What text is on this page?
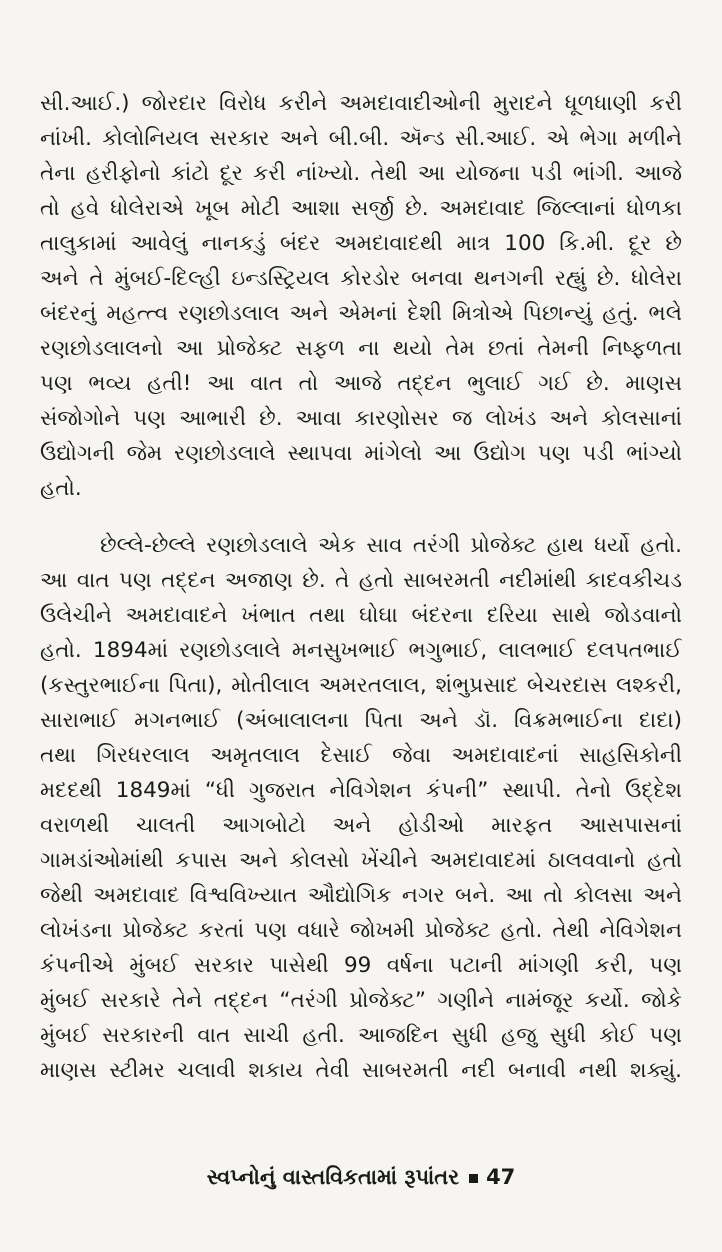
સી.આઈ.) જોરદાર વિરોધ કરીને અમદાવાદીઓની મુરાદને ધૂળધાણી કરી
નાંખી. કોલોનિયલ સરકાર અને બી.બી. ઍન્ડ સી.આઈ. એ ભેગા મળીને
તેના હરીફોનો કાંટો દૂર કરી નાંખ્યો. તેથી આ યોજના પડી ભાંગી. આજે
તો હવે ધોલેરાએ ખૂબ મોટી આશા સર્જી છે. અમદાવાદ જિલ્લાનાં ધોળકા
તાલુકામાં આવેલું નાનકડું બંદર અમદાવાદથી માત્ર 100 કિ.મી. દૂર છે
અને તે મુંબઈ-દિલ્હી ઇન્ડસ્ટ્રિયલ કોરડોર બનવા થનગની રહ્યું છે. ધોલેરા
બંદરનું મહત્ત્વ રણછોડલાલ અને એમનાં દેશી મિત્રોએ પિછાન્યું હતું. ભલે
રણછોડલાલનો આ પ્રોજેક્ટ સફળ ના થયો તેમ છતાં તેમની નિષ્ફળતા
પણ ભવ્ય હતી! આ વાત તો આજે તદ્દન ભુલાઈ ગઈ છે. માણસ
સંજોગોને પણ આભારી છે. આવા કારણોસર જ લોખંડ અને કોલસાનાં
ઉદ્યોગની જેમ રણછોડલાલે સ્થાપવા માંગેલો આ ઉદ્યોગ પણ પડી ભાંગ્યો
હતો.
છેલ્લે-છેલ્લે રણછોડલાલે એક સાવ તરંગી પ્રોજેક્ટ હાથ ધર્યો હતો.
આ વાત પણ તદ્દન અજાણ છે. તે હતો સાબરમતી નદીમાંથી કાદવકીચડ
ઉલેચીને અમદાવાદને ખંભાત તથા ઘોઘા બંદરના દરિયા સાથે જોડવાનો
હતો. 1894માં રણછોડલાલે મનસુખભાઈ ભગુભાઈ, લાલભાઈ દલપતભાઈ
(કસ્તુરભાઈના પિતા), મોતીલાલ અમરતલાલ, શંભુપ્રસાદ બેચરદાસ લશ્કરી,
સારાભાઈ મગનભાઈ (અંબાલાલના પિતા અને ડૉ. વિક્રમભાઈના દાદા)
તથા ગિરધરલાલ અમૃતલાલ દેસાઈ જેવા અમદાવાદનાં સાહસિકોની
મદદથી 1849માં “ધી ગુજરાત નેવિગેશન કંપની” સ્થાપી. તેનો ઉદ્દેશ
વરાળથી ચાલતી આગબોટો અને હોડીઓ મારફત આસપાસનાં
ગામડાંઓમાંથી કપાસ અને કોલસો ખેંચીને અમદાવાદમાં ઠાલવવાનો હતો
જેથી અમદાવાદ વિશ્વવિખ્યાત ઔદ્યોગિક નગર બને. આ તો કોલસા અને
લોખંડના પ્રોજેક્ટ કરતાં પણ વધારે જોખમી પ્રોજેક્ટ હતો. તેથી નેવિગેશન
કંપનીએ મુંબઈ સરકાર પાસેથી 99 વર્ષના પટાની માંગણી કરી, પણ
મુંબઈ સરકારે તેને તદ્દન “તરંગી પ્રોજેક્ટ” ગણીને નામંજૂર કર્યો. જોકે
મુંબઈ સરકારની વાત સાચી હતી. આજદિન સુધી હજુ સુધી કોઈ પણ
માણસ સ્ટીમર ચલાવી શકાય તેવી સાબરમતી નદી બનાવી નથી શક્યું.
સ્વપ્નોનું વાસ્તવિકતામાં રૂપાંતર 47
